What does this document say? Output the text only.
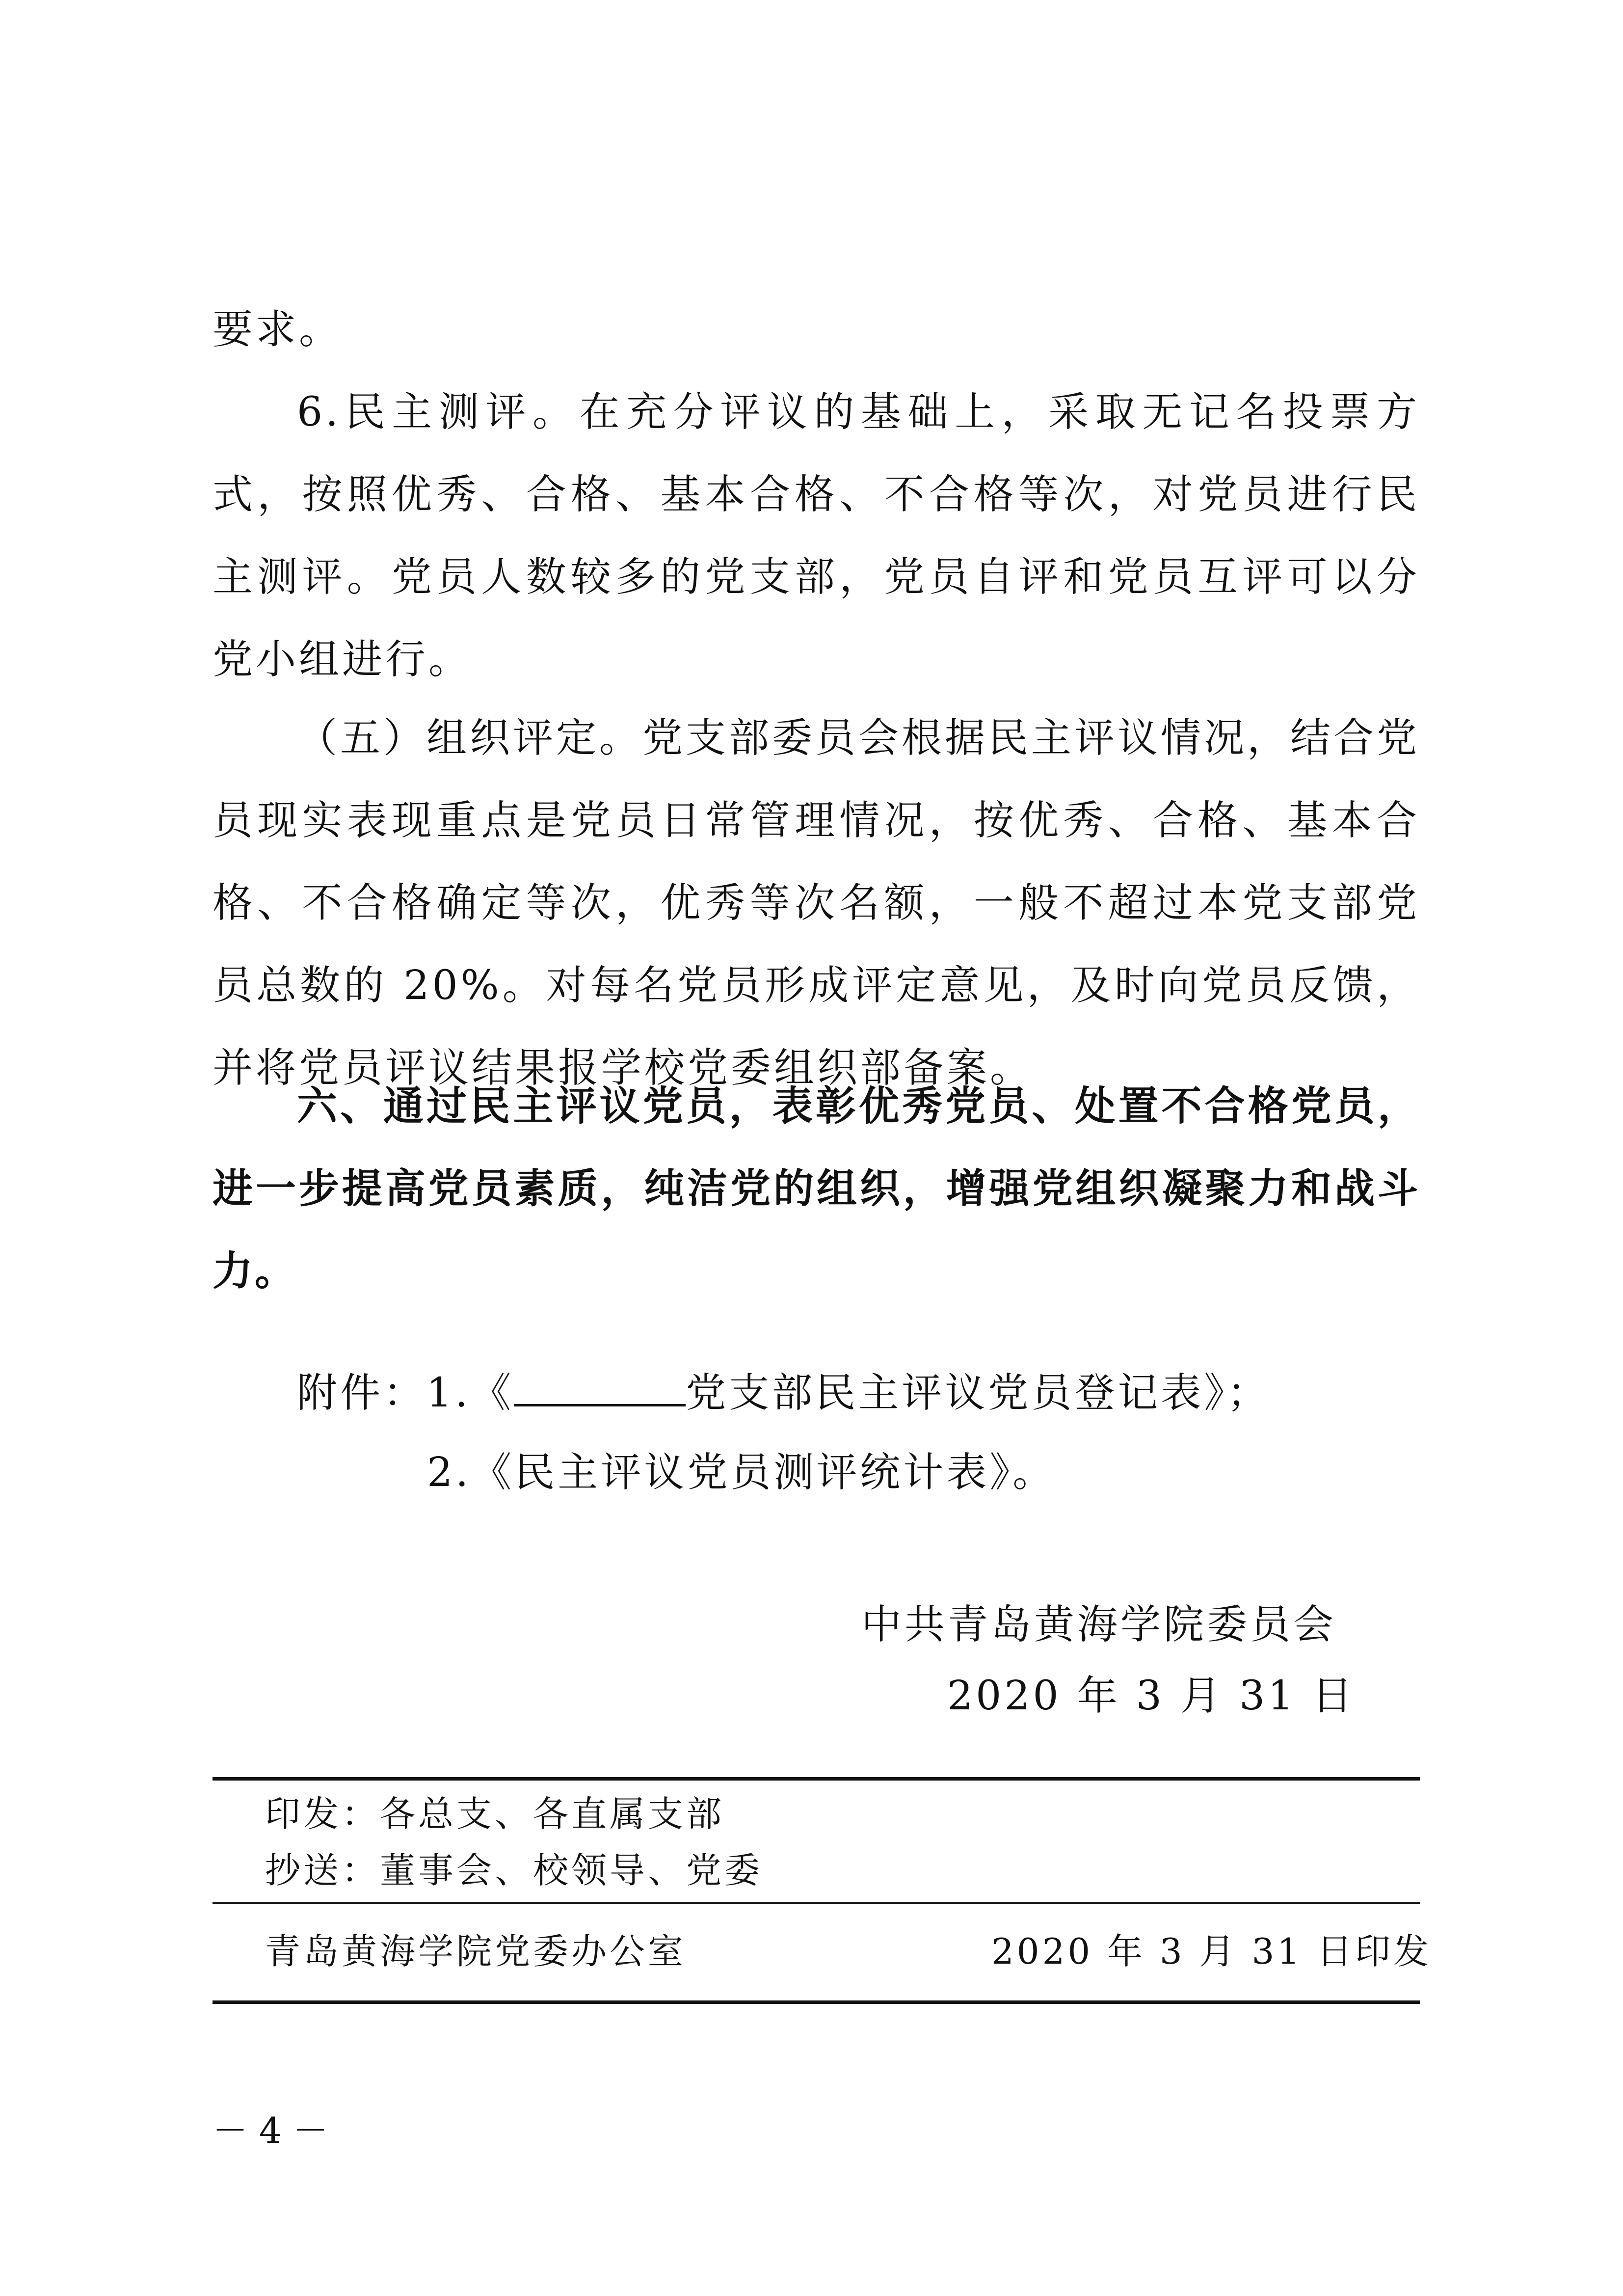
要求。

6.民主测评。在充分评议的基础上，采取无记名投票方式，按照优秀、合格、基本合格、不合格等次，对党员进行民主测评。党员人数较多的党支部，党员自评和党员互评可以分党小组进行。

（五）组织评定。党支部委员会根据民主评议情况，结合党员现实表现重点是党员日常管理情况，按优秀、合格、基本合格、不合格确定等次，优秀等次名额，一般不超过本党支部党员总数的 20%。对每名党员形成评定意见，及时向党员反馈，并将党员评议结果报学校党委组织部备案。

六、通过民主评议党员，表彰优秀党员、处置不合格党员，进一步提高党员素质，纯洁党的组织，增强党组织凝聚力和战斗力。

附件：1.《	党支部民主评议党员登记表》；
2.《民主评议党员测评统计表》。
中共青岛黄海学院委员会
2020 年 3 月 31 日
印发：各总支、各直属支部
抄送：董事会、校领导、党委
青岛黄海学院党委办公室	2020 年 3 月 31 日印发
－ 4 －
